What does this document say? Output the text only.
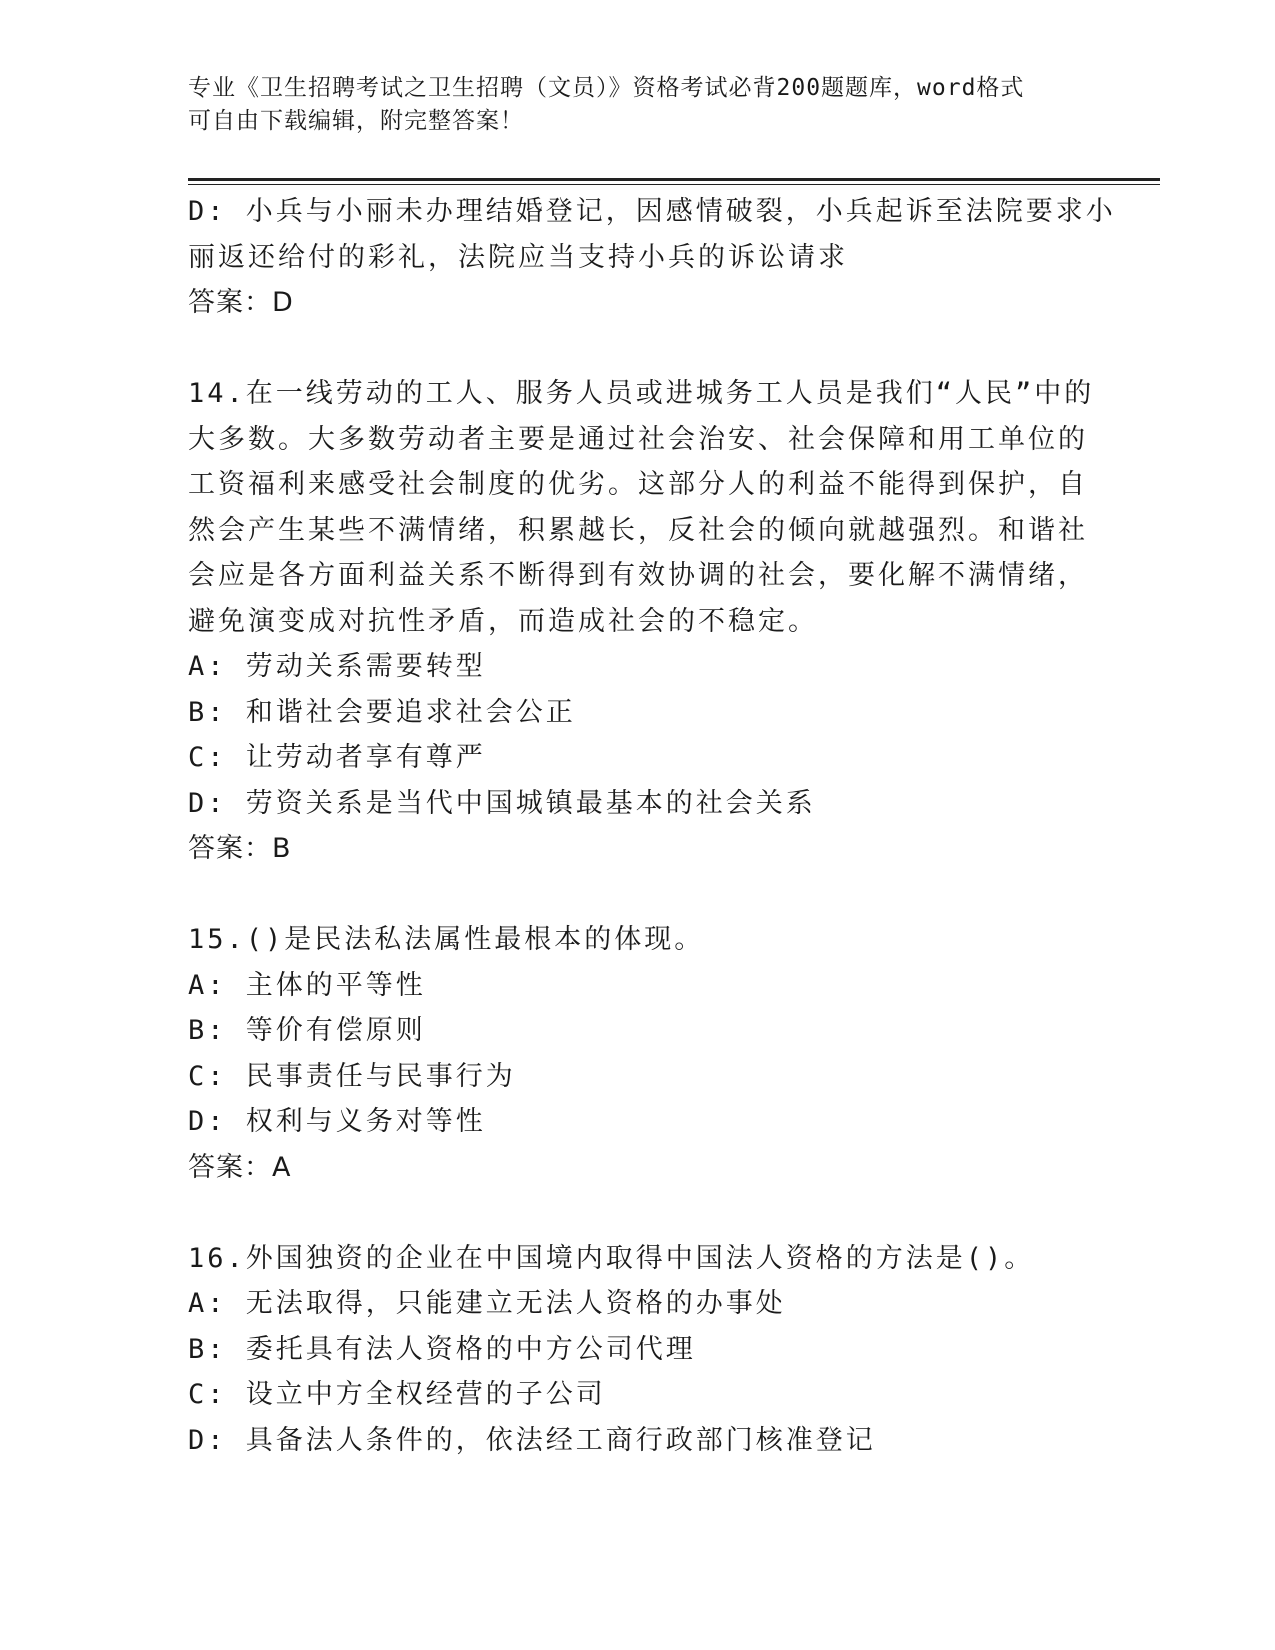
专业《卫生招聘考试之卫生招聘（文员）》资格考试必背200题题库，word格式
可自由下载编辑，附完整答案！
D: 小兵与小丽未办理结婚登记，因感情破裂，小兵起诉至法院要求小
丽返还给付的彩礼，法院应当支持小兵的诉讼请求
答案：D
14.在一线劳动的工人、服务人员或进城务工人员是我们“人民”中的
大多数。大多数劳动者主要是通过社会治安、社会保障和用工单位的
工资福利来感受社会制度的优劣。这部分人的利益不能得到保护，自
然会产生某些不满情绪，积累越长，反社会的倾向就越强烈。和谐社
会应是各方面利益关系不断得到有效协调的社会，要化解不满情绪，
避免演变成对抗性矛盾，而造成社会的不稳定。
A: 劳动关系需要转型
B: 和谐社会要追求社会公正
C: 让劳动者享有尊严
D: 劳资关系是当代中国城镇最基本的社会关系
答案：B
15.()是民法私法属性最根本的体现。
A: 主体的平等性
B: 等价有偿原则
C: 民事责任与民事行为
D: 权利与义务对等性
答案：A
16.外国独资的企业在中国境内取得中国法人资格的方法是()。
A: 无法取得，只能建立无法人资格的办事处
B: 委托具有法人资格的中方公司代理
C: 设立中方全权经营的子公司
D: 具备法人条件的，依法经工商行政部门核准登记
